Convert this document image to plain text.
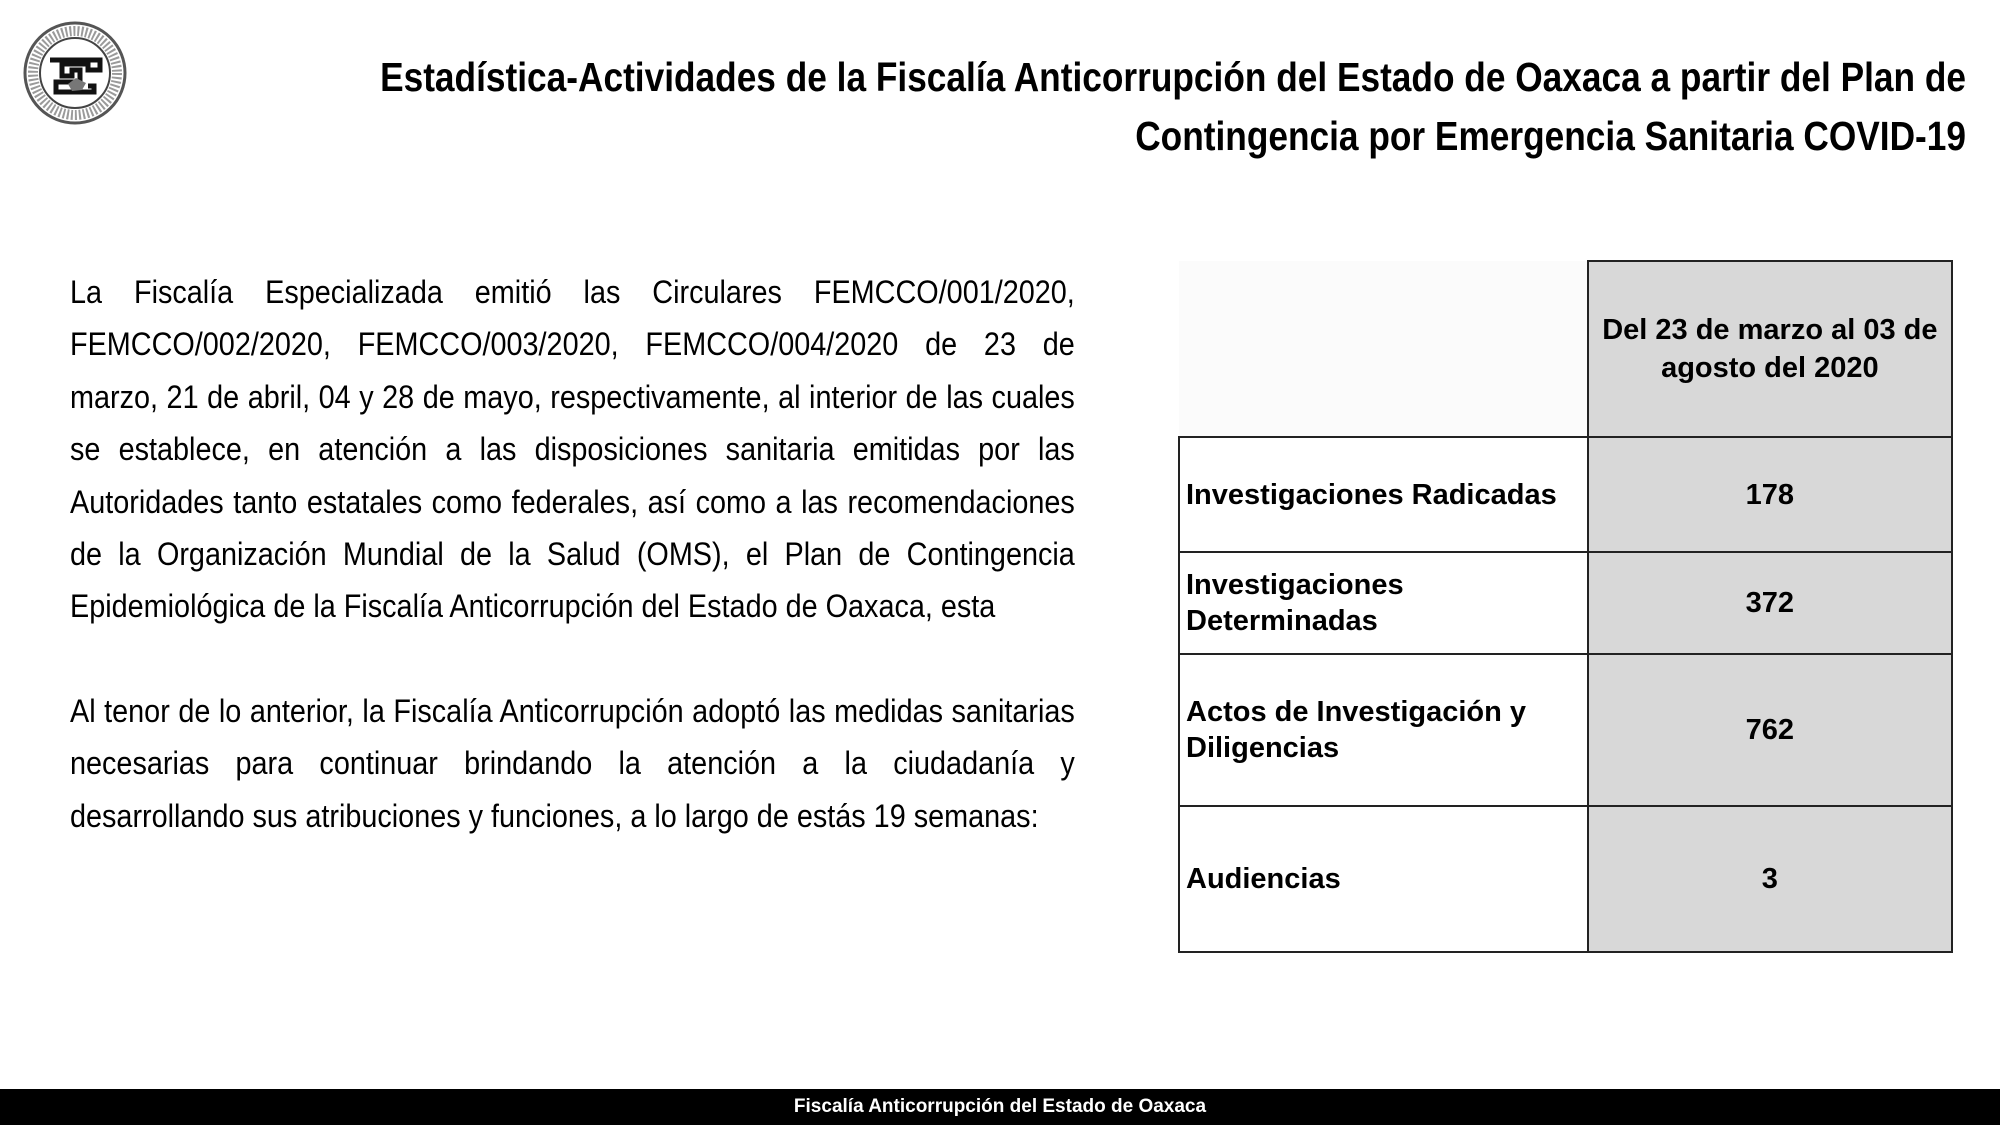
Estadística-Actividades de la Fiscalía Anticorrupción del Estado de Oaxaca a partir del Plan de
Contingencia por Emergencia Sanitaria COVID-19

La Fiscalía Especializada emitió las Circulares FEMCCO/001/2020, FEMCCO/002/2020, FEMCCO/003/2020, FEMCCO/004/2020 de 23 de marzo, 21 de abril, 04 y 28 de mayo, respectivamente, al interior de las cuales se establece, en atención a las disposiciones sanitaria emitidas por las Autoridades tanto estatales como federales, así como a las recomendaciones de la Organización Mundial de la Salud (OMS), el Plan de Contingencia Epidemiológica de la Fiscalía Anticorrupción del Estado de Oaxaca, esta

Al tenor de lo anterior, la Fiscalía Anticorrupción adoptó las medidas sanitarias necesarias para continuar brindando la atención a la ciudadanía y desarrollando sus atribuciones y funciones, a lo largo de estás 19 semanas:

	Del 23 de marzo al 03 de agosto del 2020
Investigaciones Radicadas	178
Investigaciones Determinadas	372
Actos de Investigación y Diligencias	762
Audiencias	3
Fiscalía Anticorrupción del Estado de Oaxaca
